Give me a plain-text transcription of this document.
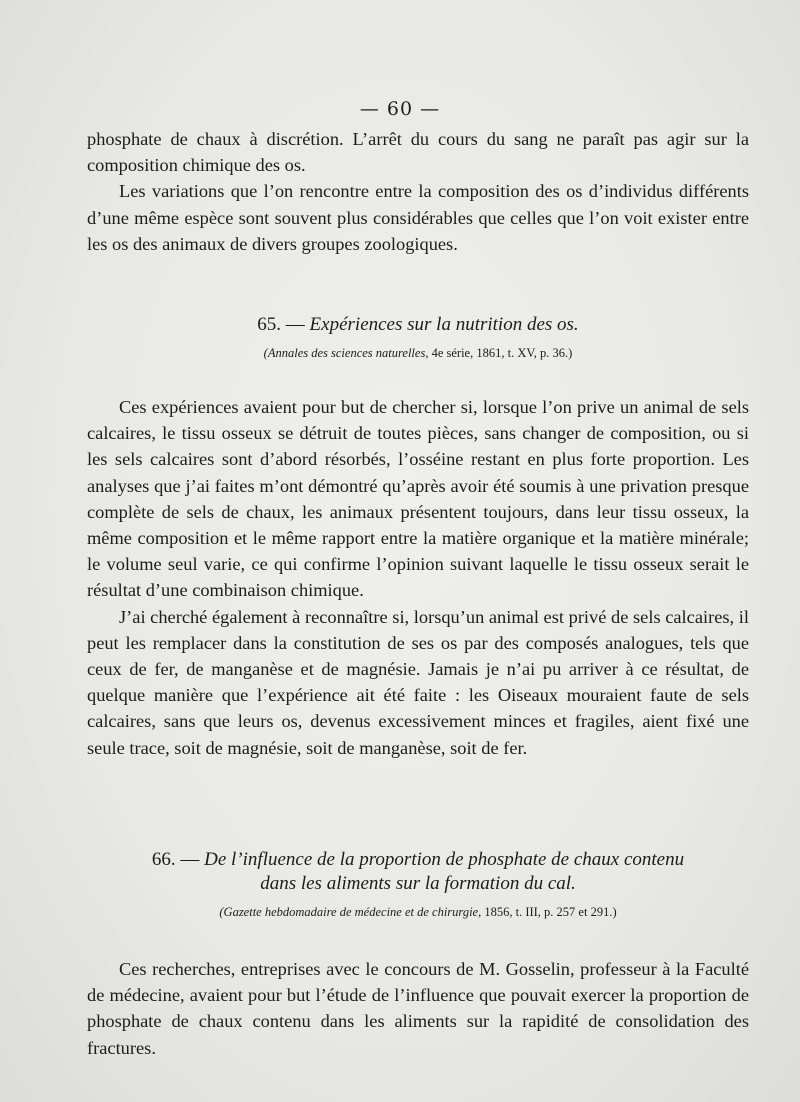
— 60 —

phosphate de chaux à discrétion. L’arrêt du cours du sang ne paraît pas agir sur la composition chimique des os.

Les variations que l’on rencontre entre la composition des os d’individus différents d’une même espèce sont souvent plus considérables que celles que l’on voit exister entre les os des animaux de divers groupes zoologiques.

65. — Expériences sur la nutrition des os.
(Annales des sciences naturelles, 4e série, 1861, t. XV, p. 36.)

Ces expériences avaient pour but de chercher si, lorsque l’on prive un animal de sels calcaires, le tissu osseux se détruit de toutes pièces, sans changer de composition, ou si les sels calcaires sont d’abord résorbés, l’osséine restant en plus forte proportion. Les analyses que j’ai faites m’ont démontré qu’après avoir été soumis à une privation presque complète de sels de chaux, les animaux présentent toujours, dans leur tissu osseux, la même composition et le même rapport entre la matière organique et la matière minérale; le volume seul varie, ce qui confirme l’opinion suivant laquelle le tissu osseux serait le résultat d’une combinaison chimique.

J’ai cherché également à reconnaître si, lorsqu’un animal est privé de sels calcaires, il peut les remplacer dans la constitution de ses os par des composés analogues, tels que ceux de fer, de manganèse et de magnésie. Jamais je n’ai pu arriver à ce résultat, de quelque manière que l’expérience ait été faite : les Oiseaux mouraient faute de sels calcaires, sans que leurs os, devenus excessivement minces et fragiles, aient fixé une seule trace, soit de magnésie, soit de manganèse, soit de fer.

66. — De l’influence de la proportion de phosphate de chaux contenu
dans les aliments sur la formation du cal.
(Gazette hebdomadaire de médecine et de chirurgie, 1856, t. III, p. 257 et 291.)

Ces recherches, entreprises avec le concours de M. Gosselin, professeur à la Faculté de médecine, avaient pour but l’étude de l’influence que pouvait exercer la proportion de phosphate de chaux contenu dans les aliments sur la rapidité de consolidation des fractures.
